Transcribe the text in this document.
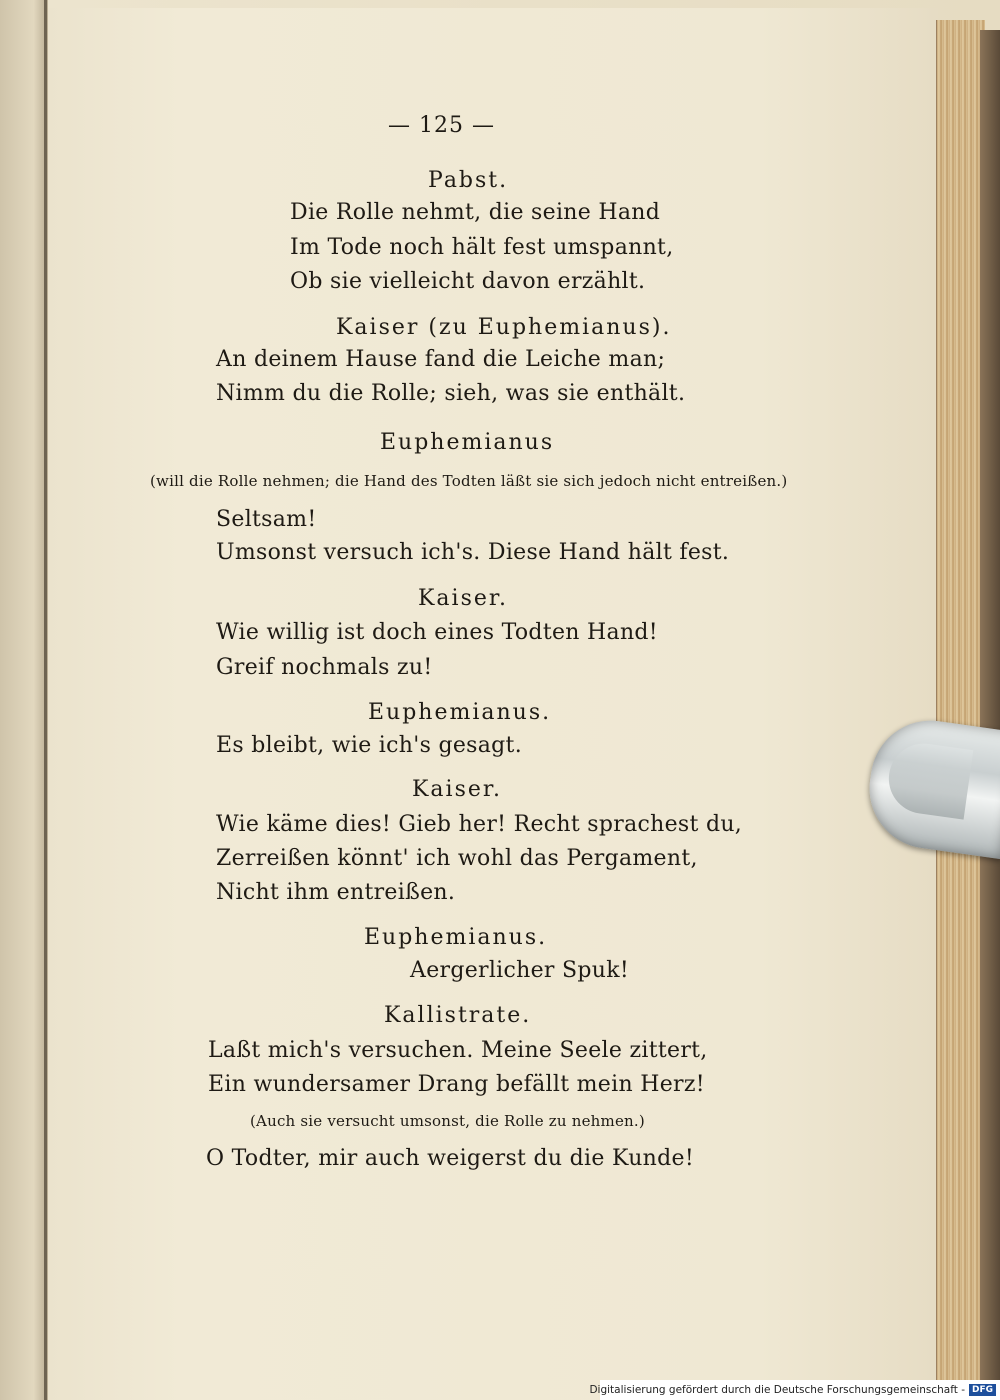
— 125 —
Pabst.
Die Rolle nehmt, die seine Hand
Im Tode noch hält fest umspannt,
Ob sie vielleicht davon erzählt.
Kaiser (zu Euphemianus).
An deinem Hause fand die Leiche man;
Nimm du die Rolle; sieh, was sie enthält.
Euphemianus
(will die Rolle nehmen; die Hand des Todten läßt sie sich jedoch nicht entreißen.)
Seltsam!
Umsonst versuch ich's. Diese Hand hält fest.
Kaiser.
Wie willig ist doch eines Todten Hand!
Greif nochmals zu!
Euphemianus.
Es bleibt, wie ich's gesagt.
Kaiser.
Wie käme dies! Gieb her! Recht sprachest du,
Zerreißen könnt' ich wohl das Pergament,
Nicht ihm entreißen.
Euphemianus.
Aergerlicher Spuk!
Kallistrate.
Laßt mich's versuchen. Meine Seele zittert,
Ein wundersamer Drang befällt mein Herz!
(Auch sie versucht umsonst, die Rolle zu nehmen.)
O Todter, mir auch weigerst du die Kunde!
Digitalisierung gefördert durch die Deutsche Forschungsgemeinschaft - DFG
